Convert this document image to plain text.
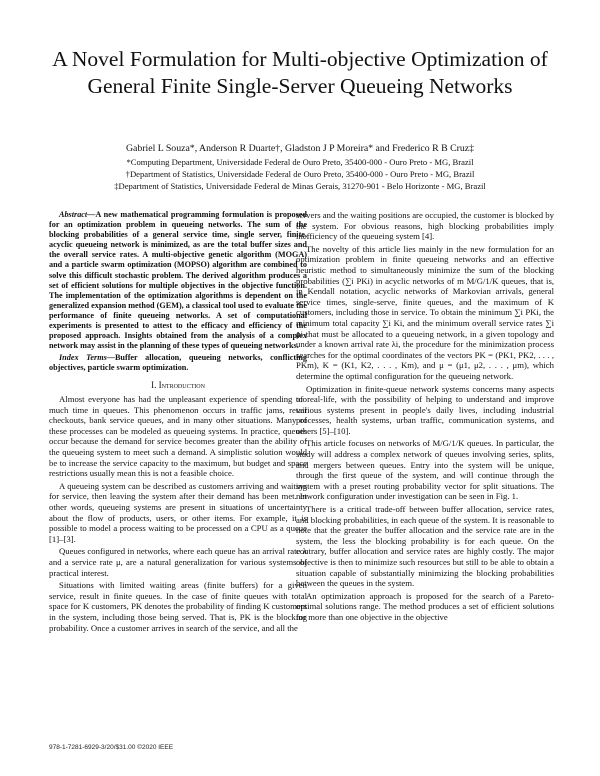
A Novel Formulation for Multi-objective Optimization of General Finite Single-Server Queueing Networks
Gabriel L Souza*, Anderson R Duarte†, Gladston J P Moreira* and Frederico R B Cruz‡
*Computing Department, Universidade Federal de Ouro Preto, 35400-000 - Ouro Preto - MG, Brazil
†Department of Statistics, Universidade Federal de Ouro Preto, 35400-000 - Ouro Preto - MG, Brazil
‡Department of Statistics, Universidade Federal de Minas Gerais, 31270-901 - Belo Horizonte - MG, Brazil

Abstract—A new mathematical programming formulation is proposed for an optimization problem in queueing networks. The sum of the blocking probabilities of a general service time, single server, finite, acyclic queueing network is minimized, as are the total buffer sizes and the overall service rates. A multi-objective genetic algorithm (MOGA) and a particle swarm optimization (MOPSO) algorithm are combined to solve this difficult stochastic problem. The derived algorithm produces a set of efficient solutions for multiple objectives in the objective function. The implementation of the optimization algorithms is dependent on the generalized expansion method (GEM), a classical tool used to evaluate the performance of finite queueing networks. A set of computational experiments is presented to attest to the efficacy and efficiency of the proposed approach. Insights obtained from the analysis of a complex network may assist in the planning of these types of queueing networks.

Index Terms—Buffer allocation, queueing networks, conflicting objectives, particle swarm optimization.

I. Introduction

Almost everyone has had the unpleasant experience of spending too much time in queues. This phenomenon occurs in traffic jams, retail checkouts, bank service queues, and in many other situations. Many of these processes can be modeled as queueing systems. In practice, queues occur because the demand for service becomes greater than the ability of the queueing system to meet such a demand. A simplistic solution would be to increase the service capacity to the maximum, but budget and space restrictions usually mean this is not a feasible choice.

A queueing system can be described as customers arriving and waiting for service, then leaving the system after their demand has been met. In other words, queueing systems are present in situations of uncertainty about the flow of products, users, or other items. For example, it is possible to model a process waiting to be processed on a CPU as a queue [1]–[3].

Queues configured in networks, where each queue has an arrival rate λ and a service rate μ, are a natural generalization for various systems of practical interest.

Situations with limited waiting areas (finite buffers) for a given service, result in finite queues. In the case of finite queues with total space for K customers, PK denotes the probability of finding K customers in the system, including those being served. That is, PK is the blocking probability. Once a customer arrives in search of the service, and all the

servers and the waiting positions are occupied, the customer is blocked by the system. For obvious reasons, high blocking probabilities imply inefficiency of the queueing system [4].

The novelty of this article lies mainly in the new formulation for an optimization problem in finite queueing networks and an effective heuristic method to simultaneously minimize the sum of the blocking probabilities (∑i PKi) in acyclic networks of m M/G/1/K queues, that is, in Kendall notation, acyclic networks of Markovian arrivals, general service times, single-serve, finite queues, and the maximum of K customers, including those in service. To obtain the minimum ∑i PKi, the minimum total capacity ∑i Ki, and the minimum overall service rates ∑i μi that must be allocated to a queueing network, in a given topology and under a known arrival rate λi, the procedure for the minimization process searches for the optimal coordinates of the vectors PK = (PK1, PK2, . . . , PKm), K = (K1, K2, . . . , Km), and μ = (μ1, μ2, . . . , μm), which determine the optimal configuration for the queueing network.

Optimization in finite-queue network systems concerns many aspects of real-life, with the possibility of helping to understand and improve various systems present in people's daily lives, including industrial processes, health systems, urban traffic, communication systems, and others [5]–[10].

This article focuses on networks of M/G/1/K queues. In particular, the study will address a complex network of queues involving series, splits, and mergers between queues. Entry into the system will be unique, through the first queue of the system, and will continue through the system with a preset routing probability vector for split situations. The network configuration under investigation can be seen in Fig. 1.

There is a critical trade-off between buffer allocation, service rates, and blocking probabilities, in each queue of the system. It is reasonable to note that the greater the buffer allocation and the service rate are in the system, the less the blocking probability is for each queue. On the contrary, buffer allocation and service rates are highly costly. The major objective is then to minimize such resources but still to be able to obtain a situation capable of substantially minimizing the blocking probabilities between the queues in the system.

An optimization approach is proposed for the search of a Pareto-optimal solutions range. The method produces a set of efficient solutions for more than one objective in the objective

978-1-7281-6929-3/20/$31.00 ©2020 IEEE
